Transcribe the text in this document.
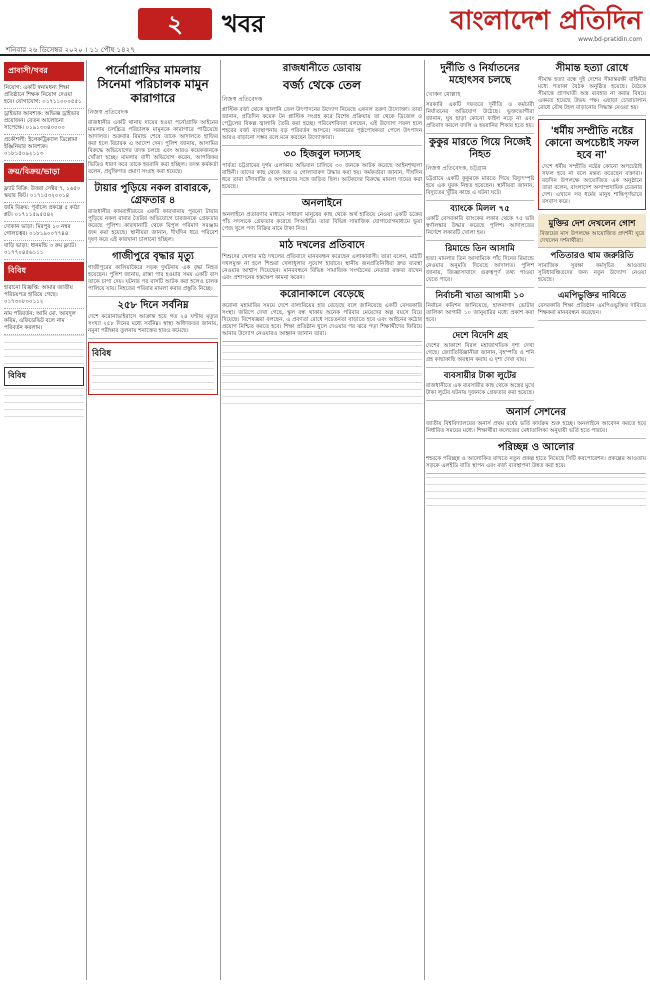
২	খবর
শনিবার ২৬ ডিসেম্বর ২০২০ । ১১ পৌষ ১৪২৭
বাংলাদেশ প্রতিদিন
www.bd-pratidin.com
প্রাবাসী/খবর
নিয়োগ: একটি স্বনামধন্য শিক্ষা প্রতিষ্ঠানে শিক্ষক নিয়োগ দেওয়া হবে। যোগাযোগ: ০১৭১১০০০৫৫১
ড্রাইভার আবশ্যক: অভিজ্ঞ ড্রাইভার প্রয়োজন। বেতন আলোচনা সাপেক্ষে। ০১৯১৩০৪০০০০
প্রকৌশলী: ইলেকট্রিক্যাল ডিপ্লোমা ইঞ্জিনিয়ার আবশ্যক। ০১৮১৫০৯২১১৩
ক্রয়/বিক্রয়/ভাড়া
ফ্ল্যাট বিক্রি: উত্তরা সেক্টর ৭, ১৬৫০ স্কয়ার ফিট। ০১৭১৫৩২০০১৪
জমি বিক্রয়: পূর্বাচল প্রকল্পে ৫ কাঠা প্লট। ০১৭১১৫৯৫৫৪২
দোকান ভাড়া: মিরপুর ১০ নম্বর গোলচত্বর। ০১৮১৯০০৭৭৪৪
বাড়ি ভাড়া: ধানমন্ডি ৩ রুম ফ্ল্যাট। ০১৭৭০৪৫৬১১১
বিবিধ
হারানো বিজ্ঞপ্তি: আমার জাতীয় পরিচয়পত্র হারিয়ে গেছে। ০১৭৩০৮০০১১২
নাম পরিবর্তন: আমি মো. আবদুল করিম, এফিডেভিট বলে নাম পরিবর্তন করলাম।
বিবিধ
পর্নোগ্রাফির মামলায় সিনেমা পরিচালক মামুন কারাগারে
নিজস্ব প্রতিবেদক
রাজধানীর একটি থানায় দায়ের হওয়া পর্নোগ্রাফি আইনের মামলায় চলচ্চিত্র পরিচালক মামুনকে কারাগারে পাঠিয়েছে আদালত। শুক্রবার রিমান্ড শেষে তাকে আদালতে হাজির করা হলে বিচারক এ আদেশ দেন। পুলিশ জানায়, আসামির বিরুদ্ধে অভিযোগের তদন্ত চলছে এবং আরও কয়েকজনকে খোঁজা হচ্ছে। মামলার বাদী অভিযোগ করেন, আপত্তিকর ভিডিও ধারণ করে তাকে হয়রানি করা হচ্ছিল। তদন্ত কর্মকর্তা বলেন, প্রযুক্তিগত প্রমাণ সংগ্রহ করা হয়েছে।
টায়ার পুড়িয়ে নকল রাবারকে, গ্রেফতার ৪
রাজধানীর কামরাঙ্গীরচরে একটি কারখানায় পুরনো টায়ার পুড়িয়ে নকল রাবার তৈরির অভিযোগে চারজনকে গ্রেফতার করেছে পুলিশ। কারখানাটি থেকে বিপুল পরিমাণ সরঞ্জাম জব্দ করা হয়েছে। স্থানীয়রা জানান, দীর্ঘদিন ধরে পরিবেশ দূষণ করে এই কারখানা চালানো হচ্ছিল।
গাজীপুরে বৃদ্ধার মৃত্যু
গাজীপুরের কালিয়াকৈরে সড়ক দুর্ঘটনায় এক বৃদ্ধা নিহত হয়েছেন। পুলিশ জানায়, রাস্তা পার হওয়ার সময় একটি বাস তাকে চাপা দেয়। ঘটনার পর বাসটি আটক করা হলেও চালক পালিয়ে যায়। নিহতের পরিবার মামলা করার প্রস্তুতি নিচ্ছে।
২৫৮ দিনে সর্বনিম্ন
দেশে করোনাভাইরাসে আক্রান্ত হয়ে গত ২৪ ঘণ্টায় মৃত্যুর সংখ্যা ২৫৮ দিনের মধ্যে সর্বনিম্ন। স্বাস্থ্য অধিদফতর জানায়, নমুনা পরীক্ষার তুলনায় শনাক্তের হারও কমেছে।
বিবিধ
রাজধানীতে ডোবায়
বর্জ্য থেকে তেল
নিজস্ব প্রতিবেদক
প্লাস্টিক বর্জ্য থেকে জ্বালানি তেল উৎপাদনের উদ্যোগ নিয়েছে একদল তরুণ উদ্যোক্তা। তারা জানান, প্রতিদিন কয়েক টন প্লাস্টিক সংগ্রহ করে বিশেষ প্রক্রিয়ায় তা থেকে ডিজেল ও পেট্রলের বিকল্প জ্বালানি তৈরি করা হচ্ছে। পরিবেশবিদরা বলছেন, এই উদ্যোগ সফল হলে শহরের বর্জ্য ব্যবস্থাপনায় বড় পরিবর্তন আসবে। সরকারের পৃষ্ঠপোষকতা পেলে উৎপাদন আরও বাড়ানো সম্ভব বলে মনে করছেন উদ্যোক্তারা।
৩০ হিজবুল দস্যসহ
পার্বত্য চট্টগ্রামের দুর্গম এলাকায় অভিযান চালিয়ে ৩০ জনকে আটক করেছে আইনশৃঙ্খলা বাহিনী। তাদের কাছ থেকে অস্ত্র ও গোলাবারুদ উদ্ধার করা হয়। কর্মকর্তারা জানান, দীর্ঘদিন ধরে তারা চাঁদাবাজি ও অপহরণের সঙ্গে জড়িত ছিল। আটকদের বিরুদ্ধে মামলা দায়ের করা হয়েছে।
অনলাইনে
অনলাইনে প্রতারণার মাধ্যমে সাধারণ মানুষের কাছ থেকে অর্থ হাতিয়ে নেওয়া একটি চক্রের পাঁচ সদস্যকে গ্রেফতার করেছে সিআইডি। তারা বিভিন্ন সামাজিক যোগাযোগমাধ্যমে ভুয়া পেজ খুলে পণ্য বিক্রির নামে টাকা নিত।
মাঠ দখলের প্রতিবাদে
শিশুদের খেলার মাঠ দখলের প্রতিবাদে মানববন্ধন করেছেন এলাকাবাসী। তারা বলেন, মাঠটি দখলমুক্ত না হলে শিশুরা খেলাধুলার সুযোগ হারাবে। স্থানীয় জনপ্রতিনিধিরা দ্রুত ব্যবস্থা নেওয়ার আশ্বাস দিয়েছেন। মানববন্ধনে বিভিন্ন সামাজিক সংগঠনের নেতারা বক্তব্য রাখেন এবং প্রশাসনের হস্তক্ষেপ কামনা করেন।
করোনাকালে বেড়েছে
করোনা মহামারির সময়ে দেশে বাল্যবিয়ের হার বেড়েছে বলে জানিয়েছে একটি বেসরকারি সংস্থা। জরিপে দেখা গেছে, স্কুল বন্ধ থাকায় অনেক পরিবার মেয়েদের অল্প বয়সে বিয়ে দিয়েছে। বিশেষজ্ঞরা বলছেন, এ প্রবণতা রোধে সচেতনতা বাড়াতে হবে এবং আইনের কঠোর প্রয়োগ নিশ্চিত করতে হবে। শিক্ষা প্রতিষ্ঠান খুলে দেওয়ার পর ঝরে পড়া শিক্ষার্থীদের ফিরিয়ে আনার উদ্যোগ নেওয়ারও আহ্বান জানান তারা।
দুর্নীতি ও নির্যাতনের মহোৎসব চলছে
খোকন মোল্লাহ
সরকারি একটি দফতরে দুর্নীতি ও কর্মচারী নির্যাতনের অভিযোগ উঠেছে। ভুক্তভোগীরা জানান, ঘুষ ছাড়া কোনো ফাইল নড়ে না এবং প্রতিবাদ করলে বদলি ও হয়রানির শিকার হতে হয়।
কুকুর মারতে গিয়ে নিজেই নিহত
নিজস্ব প্রতিবেদক, চট্টগ্রাম
চট্টগ্রামে একটি কুকুরকে মারতে গিয়ে বিদ্যুৎস্পৃষ্ট হয়ে এক যুবক নিহত হয়েছেন। স্থানীয়রা জানান, বিদ্যুতের খুঁটির কাছে এ ঘটনা ঘটে।
ব্যাংকে মিলল ৭৫
একটি বেসরকারি ব্যাংকের লকার থেকে ৭৫ ভরি স্বর্ণালঙ্কার উদ্ধার করেছে পুলিশ। আদালতের নির্দেশে লকারটি খোলা হয়।
রিমান্ডে তিন আসামি
হত্যা মামলার তিন আসামিকে পাঁচ দিনের রিমান্ডে নেওয়ার অনুমতি দিয়েছে আদালত। পুলিশ জানায়, জিজ্ঞাসাবাদে গুরুত্বপূর্ণ তথ্য পাওয়া যেতে পারে।
নির্বাচনী খাতা আগামী ১০
নির্বাচন কমিশন জানিয়েছে, হালনাগাদ ভোটার তালিকা আগামী ১০ জানুয়ারির মধ্যে প্রকাশ করা হবে।
দেশে বিদেশি গ্রহ
দেশের আকাশে বিরল মহাজাগতিক দৃশ্য দেখা গেছে। জ্যোতির্বিজ্ঞানীরা জানান, বৃহস্পতি ও শনি গ্রহ কাছাকাছি অবস্থান করায় এ দৃশ্য দেখা যায়।
ব্যবসায়ীর টাকা লুটের
রাজধানীতে এক ব্যবসায়ীর কাছ থেকে অস্ত্রের মুখে টাকা লুটের ঘটনায় দুজনকে গ্রেফতার করা হয়েছে।
সীমান্ত হত্যা রোধে
সীমান্ত হত্যা বন্ধে দুই দেশের সীমান্তরক্ষী বাহিনীর মধ্যে পতাকা বৈঠক অনুষ্ঠিত হয়েছে। বৈঠকে সীমান্তে প্রাণঘাতী অস্ত্র ব্যবহার না করার বিষয়ে একমত হয়েছে উভয় পক্ষ। এছাড়া চোরাচালান রোধে যৌথ টহল বাড়ানোর সিদ্ধান্ত নেওয়া হয়।
'ধর্মীয় সম্প্রীতি নষ্টের কোনো অপচেষ্টাই সফল হবে না'
দেশে ধর্মীয় সম্প্রীতি নষ্টের কোনো অপচেষ্টাই সফল হবে না বলে মন্তব্য করেছেন বক্তারা। বড়দিন উপলক্ষে আয়োজিত এক অনুষ্ঠানে তারা বলেন, বাংলাদেশ অসাম্প্রদায়িক চেতনার দেশ। এখানে সব ধর্মের মানুষ শান্তিপূর্ণভাবে বসবাস করে।
মুক্তির দেশ দেখলেন গোশ
বিজয়ের মাস উপলক্ষে আয়োজিত প্রদর্শনী ঘুরে দেখলেন দর্শনার্থীরা।
পতিতারও থাম জরুরিতি
সামাজিক সুরক্ষা কর্মসূচির আওতায় সুবিধাবঞ্চিতদের জন্য নতুন উদ্যোগ নেওয়া হয়েছে।
এমপিভুক্তির দাবিতে
বেসরকারি শিক্ষা প্রতিষ্ঠান এমপিওভুক্তির দাবিতে শিক্ষকরা মানববন্ধন করেছেন।
অনার্স সেশনের
জাতীয় বিশ্ববিদ্যালয়ের অনার্স প্রথম বর্ষের ভর্তি কার্যক্রম শুরু হচ্ছে। অনলাইনে আবেদন করতে হবে নির্ধারিত সময়ের মধ্যে। শিক্ষার্থীরা কলেজের মেধাতালিকা অনুযায়ী ভর্তি হতে পারবে।
পরিচ্ছন্ন ও আলোর
শহরকে পরিচ্ছন্ন ও আলোকিত রাখতে নতুন প্রকল্প হাতে নিয়েছে সিটি করপোরেশন। প্রকল্পের আওতায় সড়কে এলইডি বাতি স্থাপন এবং বর্জ্য ব্যবস্থাপনা উন্নত করা হবে।
